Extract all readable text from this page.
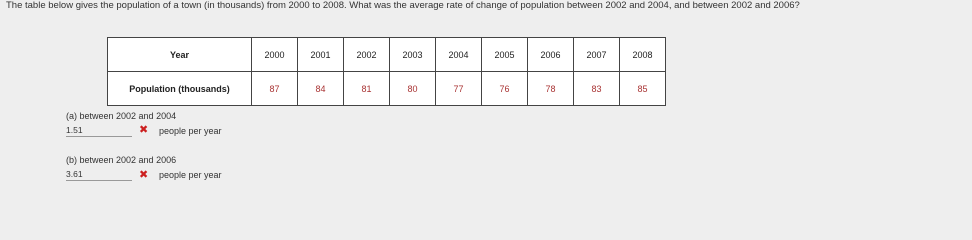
The table below gives the population of a town (in thousands) from 2000 to 2008. What was the average rate of change of population between 2002 and 2004, and between 2002 and 2006?
Year	2000	2001	2002	2003	2004	2005	2006	2007	2008
Population (thousands)	87	84	81	80	77	76	78	83	85
(a) between 2002 and 2004
1.51	✖ people per year
(b) between 2002 and 2006
3.61	✖ people per year
